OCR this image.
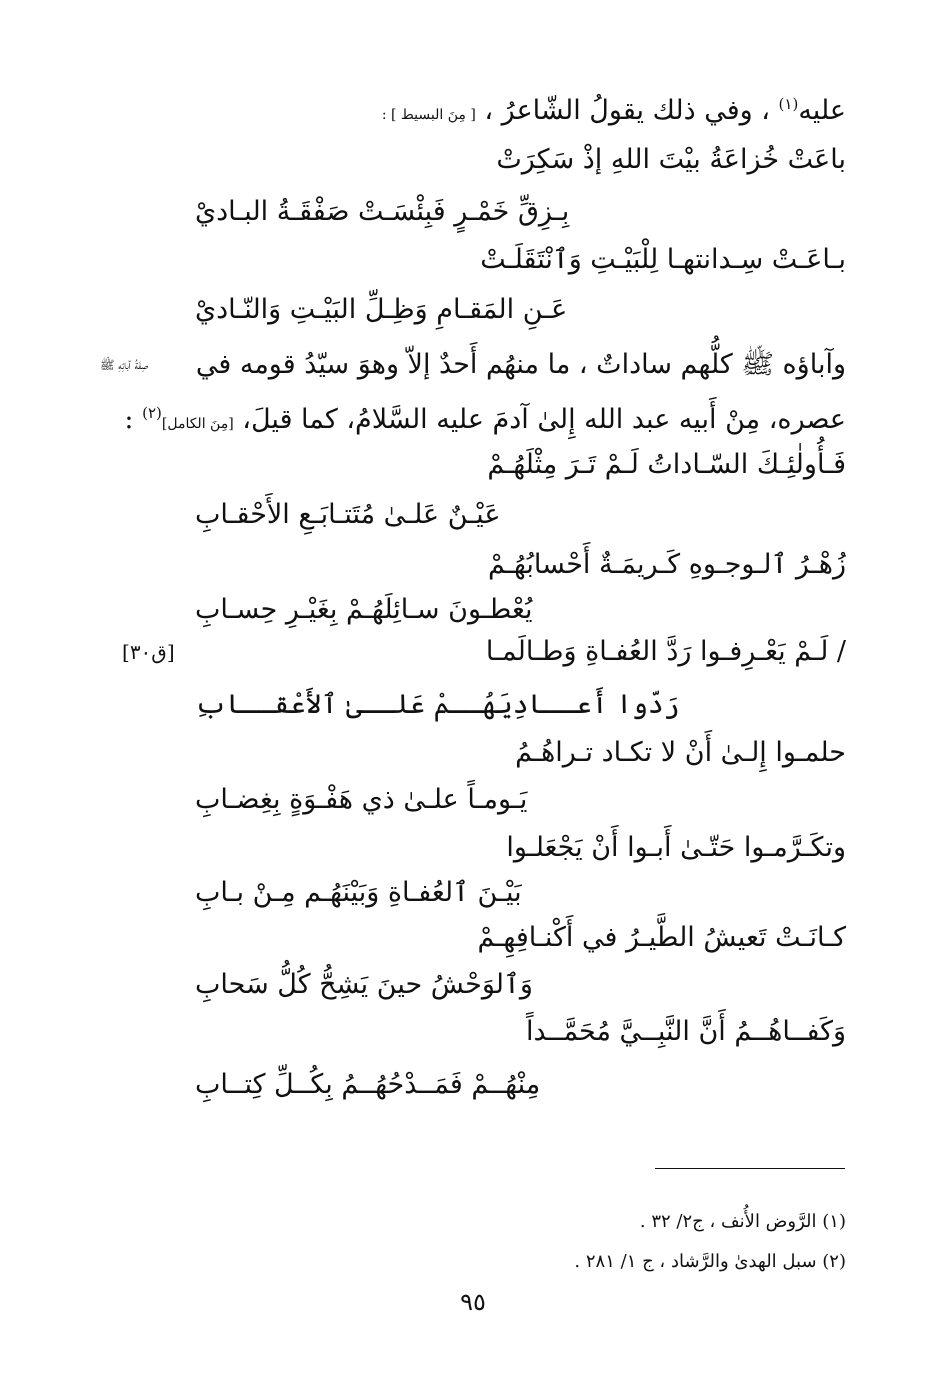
عليه$^{(١)}$ ، وفي ذلك يقولُ الشّاعرُ ، [ مِنَ البسيط ] :
باعَتْ خُزاعَةُ بيْتَ اللهِ إذْ سَكِرَتْ
بِـزِقِّ خَمْـرٍ فَبِئْسَـتْ صَفْقَـةُ البـاديْ
بـاعَـتْ سِـدانتهـا لِلْبَيْـتِ وَٱنْتَقَلَـتْ
عَـنِ المَقـامِ وَظِـلِّ البَيْـتِ وَالنّـاديْ
صِفَةُ آبائِهِ ﷺ وآباؤه ﷺ كلُّهم ساداتٌ ، ما منهُم أَحدٌ إلاّ وهوَ سيّدُ قومه في
عصره، مِنْ أَبيه عبد الله إِلىٰ آدمَ عليه السَّلامُ، كما قيلَ، [مِنَ الكامل]$^{(٢)}$ :
فَـأُولٰئِـكَ السّـاداتُ لَـمْ تَـرَ مِثْلَهُـمْ
عَيْـنٌ عَلـىٰ مُتَتـابَـعِ الأَحْقـابِ
زُهْـرُ ٱلـوجـوهِ كَـريمَـةٌ أَحْسابُهُـمْ
يُعْطـونَ سـائِلَهُـمْ بِغَيْـرِ حِسـابِ
/ لَـمْ يَعْـرِفـوا رَدَّ العُفـاةِ وَطـالَمـا
[ق٣٠]
رَدّوا أَعــادِيَهُــمْ عَلــىٰ ٱلأَعْقــابِ
حلمـوا إِلـىٰ أَنْ لا تكـاد تـراهُـمُ
يَـومـاً علـىٰ ذي هَفْـوَةٍ بِغِضـابِ
وتكَـرَّمـوا حَتّـىٰ أَبـوا أَنْ يَجْعَلـوا
بَيْـنَ ٱلعُفـاةِ وَبَيْنَهُـم مِـنْ بـابِ
كـانَـتْ تَعيشُ الطَّيـرُ في أَكْنـافِهِـمْ
وَٱلوَحْشُ حينَ يَشِحُّ كُلُّ سَحابِ
وَكَفــاهُــمُ أَنَّ النَّبِــيَّ مُحَمَّــداً
مِنْهُــمْ فَمَــدْحُهُــمُ بِكُــلِّ كِتــابِ
(١) الرَّوض الأُنف ، ج٢/ ٣٢ .
(٢) سبل الهدىٰ والرَّشاد ، ج ١/ ٢٨١ .
٩٥
